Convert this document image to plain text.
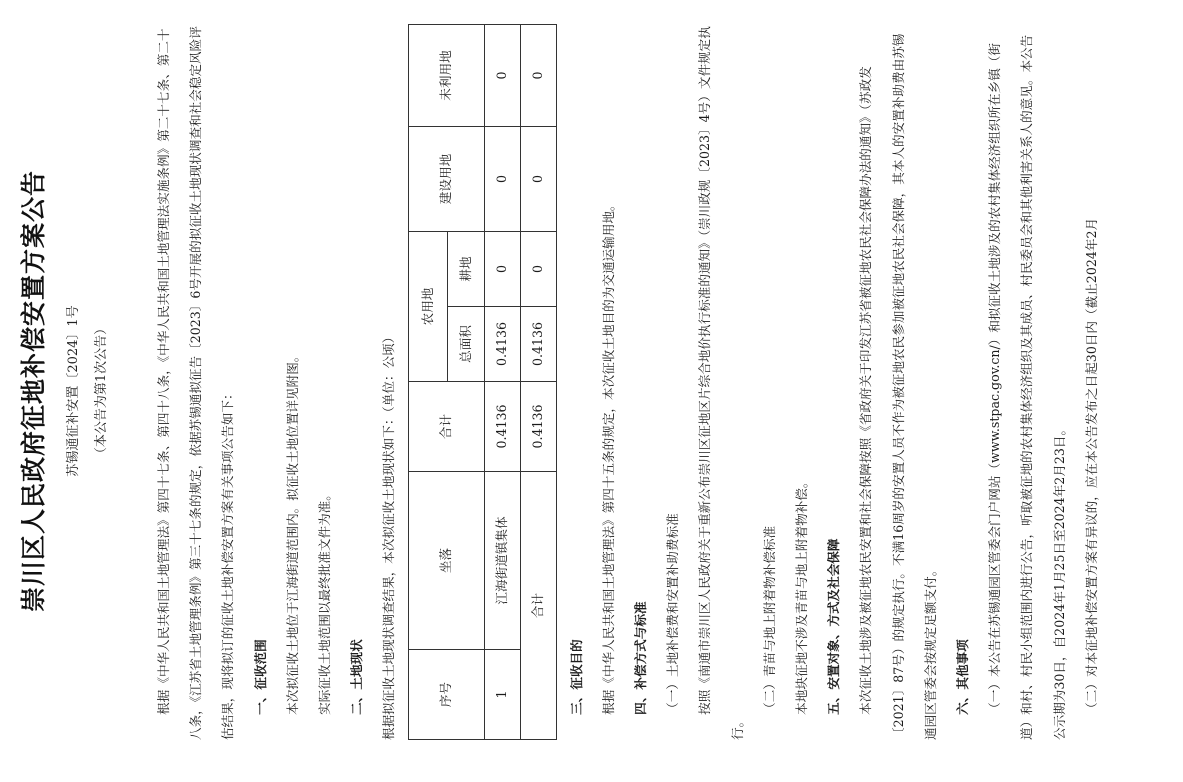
崇川区人民政府征地补偿安置方案公告	苏锡通征补安置〔2024〕1号	（本公告为第1次公告）	根据《中华人民共和国土地管理法》第四十七条、第四十八条，《中华人民共和国土地管理法实施条例》第二十七条、第二十八条，《江苏省土地管理条例》第三十七条的规定，依据苏锡通拟征告〔2023〕6号开展的拟征收土地现状调查和社会稳定风险评估结果，现将拟订的征收土地补偿安置方案有关事项公告如下：	一、征收范围	本次拟征收土地位于江海街道范围内。拟征收土地位置详见附图。	实际征收土地范围以最终批准文件为准。	二、土地现状	根据拟征收土地现状调查结果，本次拟征收土地现状如下：（单位：公顷）	序号	坐落	合计	农用地		建设用地	未利用地
			总面积	耕地		
1	江海街道镇集体	0.4136	0.4136	0	0	0
合计		0.4136	0.4136	0	0	0

三、征收目的	根据《中华人民共和国土地管理法》第四十五条的规定，本次征收土地目的为交通运输用地。	四、补偿方式与标准	（一）土地补偿费和安置补助费标准	按照《南通市崇川区人民政府关于重新公布崇川区征地区片综合地价执行标准的通知》（崇川政规〔2023〕4号）文件规定执行。

（二）青苗与地上附着物补偿标准	本地块征地不涉及青苗与地上附着物补偿。	五、安置对象、方式及社会保障	本次征收土地涉及被征地农民安置和社会保障按照《省政府关于印发江苏省被征地农民社会保障办法的通知》（苏政发〔2021〕87号）的规定执行。不满16周岁的安置人员不作为被征地农民参加被征地农民社会保障，其本人的安置补助费由苏锡通园区管委会按规定足额支付。	六、其他事项	（一）本公告在苏锡通园区管委会门户网站（www.stpac.gov.cn/）和拟征收土地涉及的农村集体经济组织所在乡镇（街道）和村、村民小组范围内进行公告，听取被征地的农村集体经济组织及其成员、村民委员会和其他利害关系人的意见。本公告公示期为30日，自2024年1月25日至2024年2月23日。	（二）对本征地补偿安置方案有异议的，应在本公告发布之日起30日内（截止2024年2月
